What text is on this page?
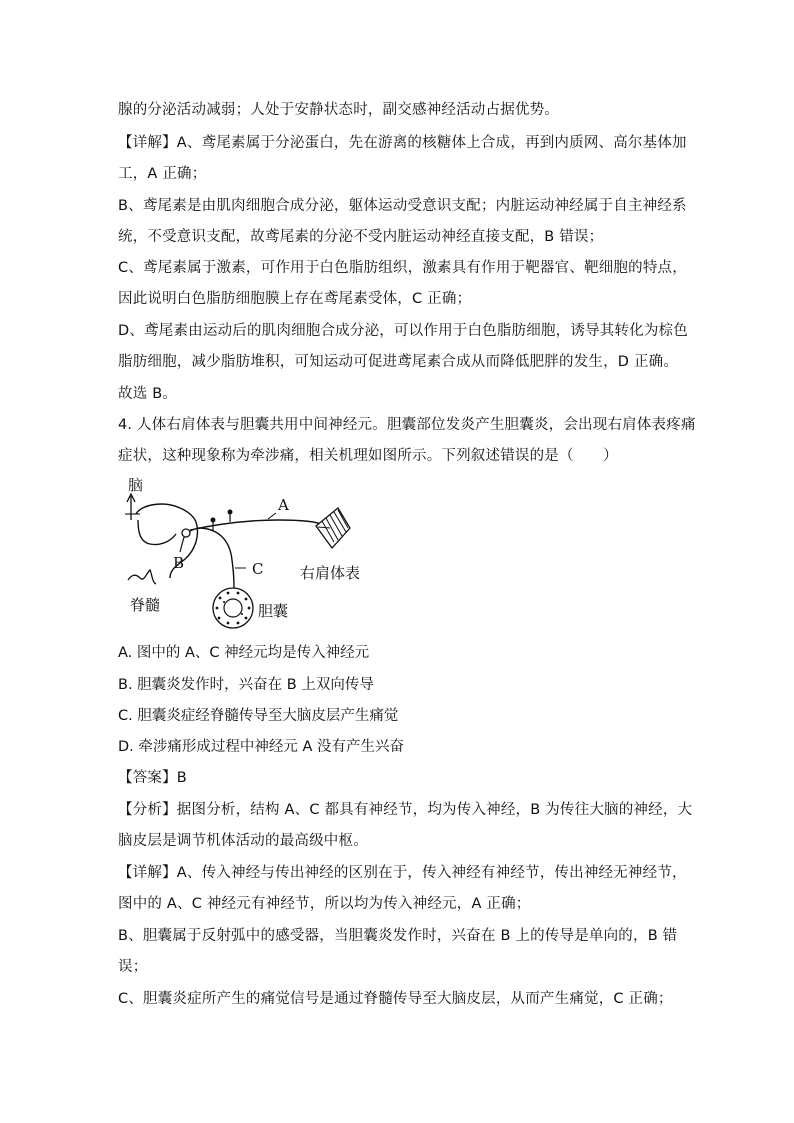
腺的分泌活动减弱；人处于安静状态时，副交感神经活动占据优势。
【详解】A、鸢尾素属于分泌蛋白，先在游离的核糖体上合成，再到内质网、高尔基体加
工，A 正确；
B、鸢尾素是由肌肉细胞合成分泌，躯体运动受意识支配；内脏运动神经属于自主神经系
统，不受意识支配，故鸢尾素的分泌不受内脏运动神经直接支配，B 错误；
C、鸢尾素属于激素，可作用于白色脂肪组织，激素具有作用于靶器官、靶细胞的特点，
因此说明白色脂肪细胞膜上存在鸢尾素受体，C 正确；
D、鸢尾素由运动后的肌肉细胞合成分泌，可以作用于白色脂肪细胞，诱导其转化为棕色
脂肪细胞，减少脂肪堆积，可知运动可促进鸢尾素合成从而降低肥胖的发生，D 正确。
故选 B。
4. 人体右肩体表与胆囊共用中间神经元。胆囊部位发炎产生胆囊炎，会出现右肩体表疼痛
症状，这种现象称为牵涉痛，相关机理如图所示。下列叙述错误的是（　　）
脑
B
A
右肩体表
C
胆囊
脊髓
A. 图中的 A、C 神经元均是传入神经元
B. 胆囊炎发作时，兴奋在 B 上双向传导
C. 胆囊炎症经脊髓传导至大脑皮层产生痛觉
D. 牵涉痛形成过程中神经元 A 没有产生兴奋
【答案】B
【分析】据图分析，结构 A、C 都具有神经节，均为传入神经，B 为传往大脑的神经，大
脑皮层是调节机体活动的最高级中枢。
【详解】A、传入神经与传出神经的区别在于，传入神经有神经节，传出神经无神经节，
图中的 A、C 神经元有神经节，所以均为传入神经元，A 正确；
B、胆囊属于反射弧中的感受器，当胆囊炎发作时，兴奋在 B 上的传导是单向的，B 错
误；
C、胆囊炎症所产生的痛觉信号是通过脊髓传导至大脑皮层，从而产生痛觉，C 正确；
